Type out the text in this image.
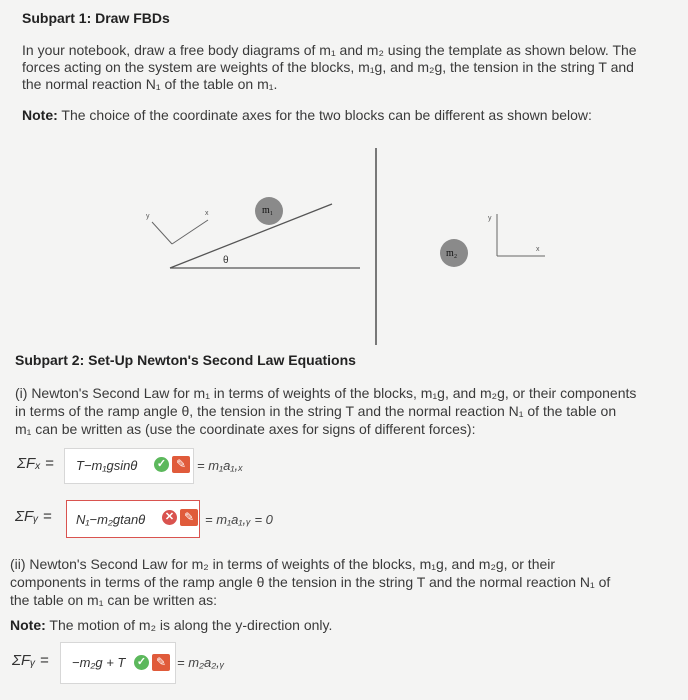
Subpart 1: Draw FBDs
In your notebook, draw a free body diagrams of m₁ and m₂ using the template as shown below. The
forces acting on the system are weights of the blocks, m₁g, and m₂g, the tension in the string T and
the normal reaction N₁ of the table on m₁.
Note: The choice of the coordinate axes for the two blocks can be different as shown below:
y	x
θ
m₁
m₂
y
x
Subpart 2: Set-Up Newton's Second Law Equations
(i) Newton's Second Law for m₁ in terms of weights of the blocks, m₁g, and m₂g, or their components
in terms of the ramp angle θ, the tension in the string T and the normal reaction N₁ of the table on
m₁ can be written as (use the coordinate axes for signs of different forces):
ΣFₓ = T−m₁gsinθ ✓ ✎ = m₁a₁,ₓ
ΣFᵧ = N₁−m₂gtanθ ✕ ✎ = m₁a₁,ᵧ = 0
(ii) Newton's Second Law for m₂ in terms of weights of the blocks, m₁g, and m₂g, or their
components in terms of the ramp angle θ the tension in the string T and the normal reaction N₁ of
the table on m₁ can be written as:
Note: The motion of m₂ is along the y-direction only.
ΣFᵧ = −m₂g + T ✓ ✎ = m₂a₂,ᵧ
